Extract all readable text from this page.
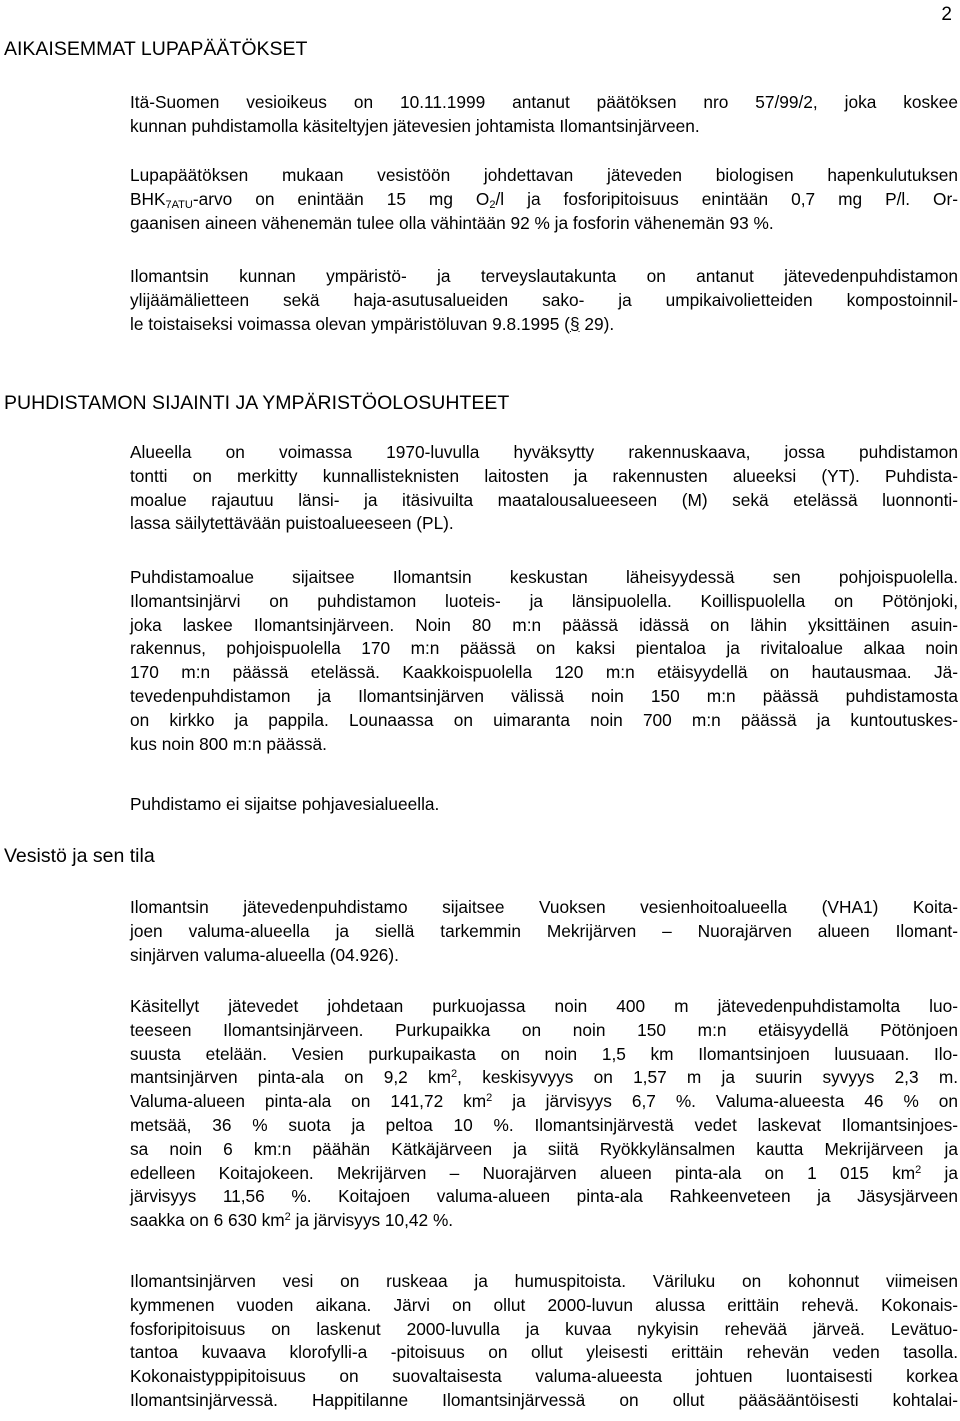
2
AIKAISEMMAT LUPAPÄÄTÖKSET
Itä-Suomen vesioikeus on 10.11.1999 antanut päätöksen nro 57/99/2, joka koskee
kunnan puhdistamolla käsiteltyjen jätevesien johtamista Ilomantsinjärveen.
Lupapäätöksen mukaan vesistöön johdettavan jäteveden biologisen hapenkulutuksen
$BHK_{7ATU}$-arvo on enintään 15 mg $O_2/l$ ja fosforipitoisuus enintään 0,7 mg P/l. Or-
gaanisen aineen vähenemän tulee olla vähintään 92 % ja fosforin vähenemän 93 %.
Ilomantsin kunnan ympäristö- ja terveyslautakunta on antanut jätevedenpuhdistamon
ylijäämälietteen sekä haja-asutusalueiden sako- ja umpikaivolietteiden kompostoinnil-
le toistaiseksi voimassa olevan ympäristöluvan 9.8.1995 (§ 29).
PUHDISTAMON SIJAINTI JA YMPÄRISTÖOLOSUHTEET
Alueella on voimassa 1970-luvulla hyväksytty rakennuskaava, jossa puhdistamon
tontti on merkitty kunnallisteknisten laitosten ja rakennusten alueeksi (YT). Puhdista-
moalue rajautuu länsi- ja itäsivuilta maatalousalueeseen (M) sekä etelässä luonnonti-
lassa säilytettävään puistoalueeseen (PL).
Puhdistamoalue sijaitsee Ilomantsin keskustan läheisyydessä sen pohjoispuolella.
Ilomantsinjärvi on puhdistamon luoteis- ja länsipuolella. Koillispuolella on Pötönjoki,
joka laskee Ilomantsinjärveen. Noin 80 m:n päässä idässä on lähin yksittäinen asuin-
rakennus, pohjoispuolella 170 m:n päässä on kaksi pientaloa ja rivitaloalue alkaa noin
170 m:n päässä etelässä. Kaakkoispuolella 120 m:n etäisyydellä on hautausmaa. Jä-
tevedenpuhdistamon ja Ilomantsinjärven välissä noin 150 m:n päässä puhdistamosta
on kirkko ja pappila. Lounaassa on uimaranta noin 700 m:n päässä ja kuntoutuskes-
kus noin 800 m:n päässä.
Puhdistamo ei sijaitse pohjavesialueella.
Vesistö ja sen tila
Ilomantsin jätevedenpuhdistamo sijaitsee Vuoksen vesienhoitoalueella (VHA1) Koita-
joen valuma-alueella ja siellä tarkemmin Mekrijärven – Nuorajärven alueen Ilomant-
sinjärven valuma-alueella (04.926).
Käsitellyt jätevedet johdetaan purkuojassa noin 400 m jätevedenpuhdistamolta luo-
teeseen Ilomantsinjärveen. Purkupaikka on noin 150 m:n etäisyydellä Pötönjoen
suusta etelään. Vesien purkupaikasta on noin 1,5 km Ilomantsinjoen luusuaan. Ilo-
mantsinjärven pinta-ala on 9,2 $km^2$, keskisyvyys on 1,57 m ja suurin syvyys 2,3 m.
Valuma-alueen pinta-ala on 141,72 $km^2$ ja järvisyys 6,7 %. Valuma-alueesta 46 % on
metsää, 36 % suota ja peltoa 10 %. Ilomantsinjärvestä vedet laskevat Ilomantsinjoes-
sa noin 6 km:n päähän Kätkäjärveen ja siitä Ryökkylänsalmen kautta Mekrijärveen ja
edelleen Koitajokeen. Mekrijärven – Nuorajärven alueen pinta-ala on 1 015 $km^2$ ja
järvisyys 11,56 %. Koitajoen valuma-alueen pinta-ala Rahkeenveteen ja Jäsysjärveen
saakka on 6 630 $km^2$ ja järvisyys 10,42 %.
Ilomantsinjärven vesi on ruskeaa ja humuspitoista. Väriluku on kohonnut viimeisen
kymmenen vuoden aikana. Järvi on ollut 2000-luvun alussa erittäin rehevä. Kokonais-
fosforipitoisuus on laskenut 2000-luvulla ja kuvaa nykyisin rehevää järveä. Levätuo-
tantoa kuvaava klorofylli-a -pitoisuus on ollut yleisesti erittäin rehevän veden tasolla.
Kokonaistyppipitoisuus on suovaltaisesta valuma-alueesta johtuen luontaisesti korkea
Ilomantsinjärvessä. Happitilanne Ilomantsinjärvessä on ollut pääsääntöisesti kohtalai-
